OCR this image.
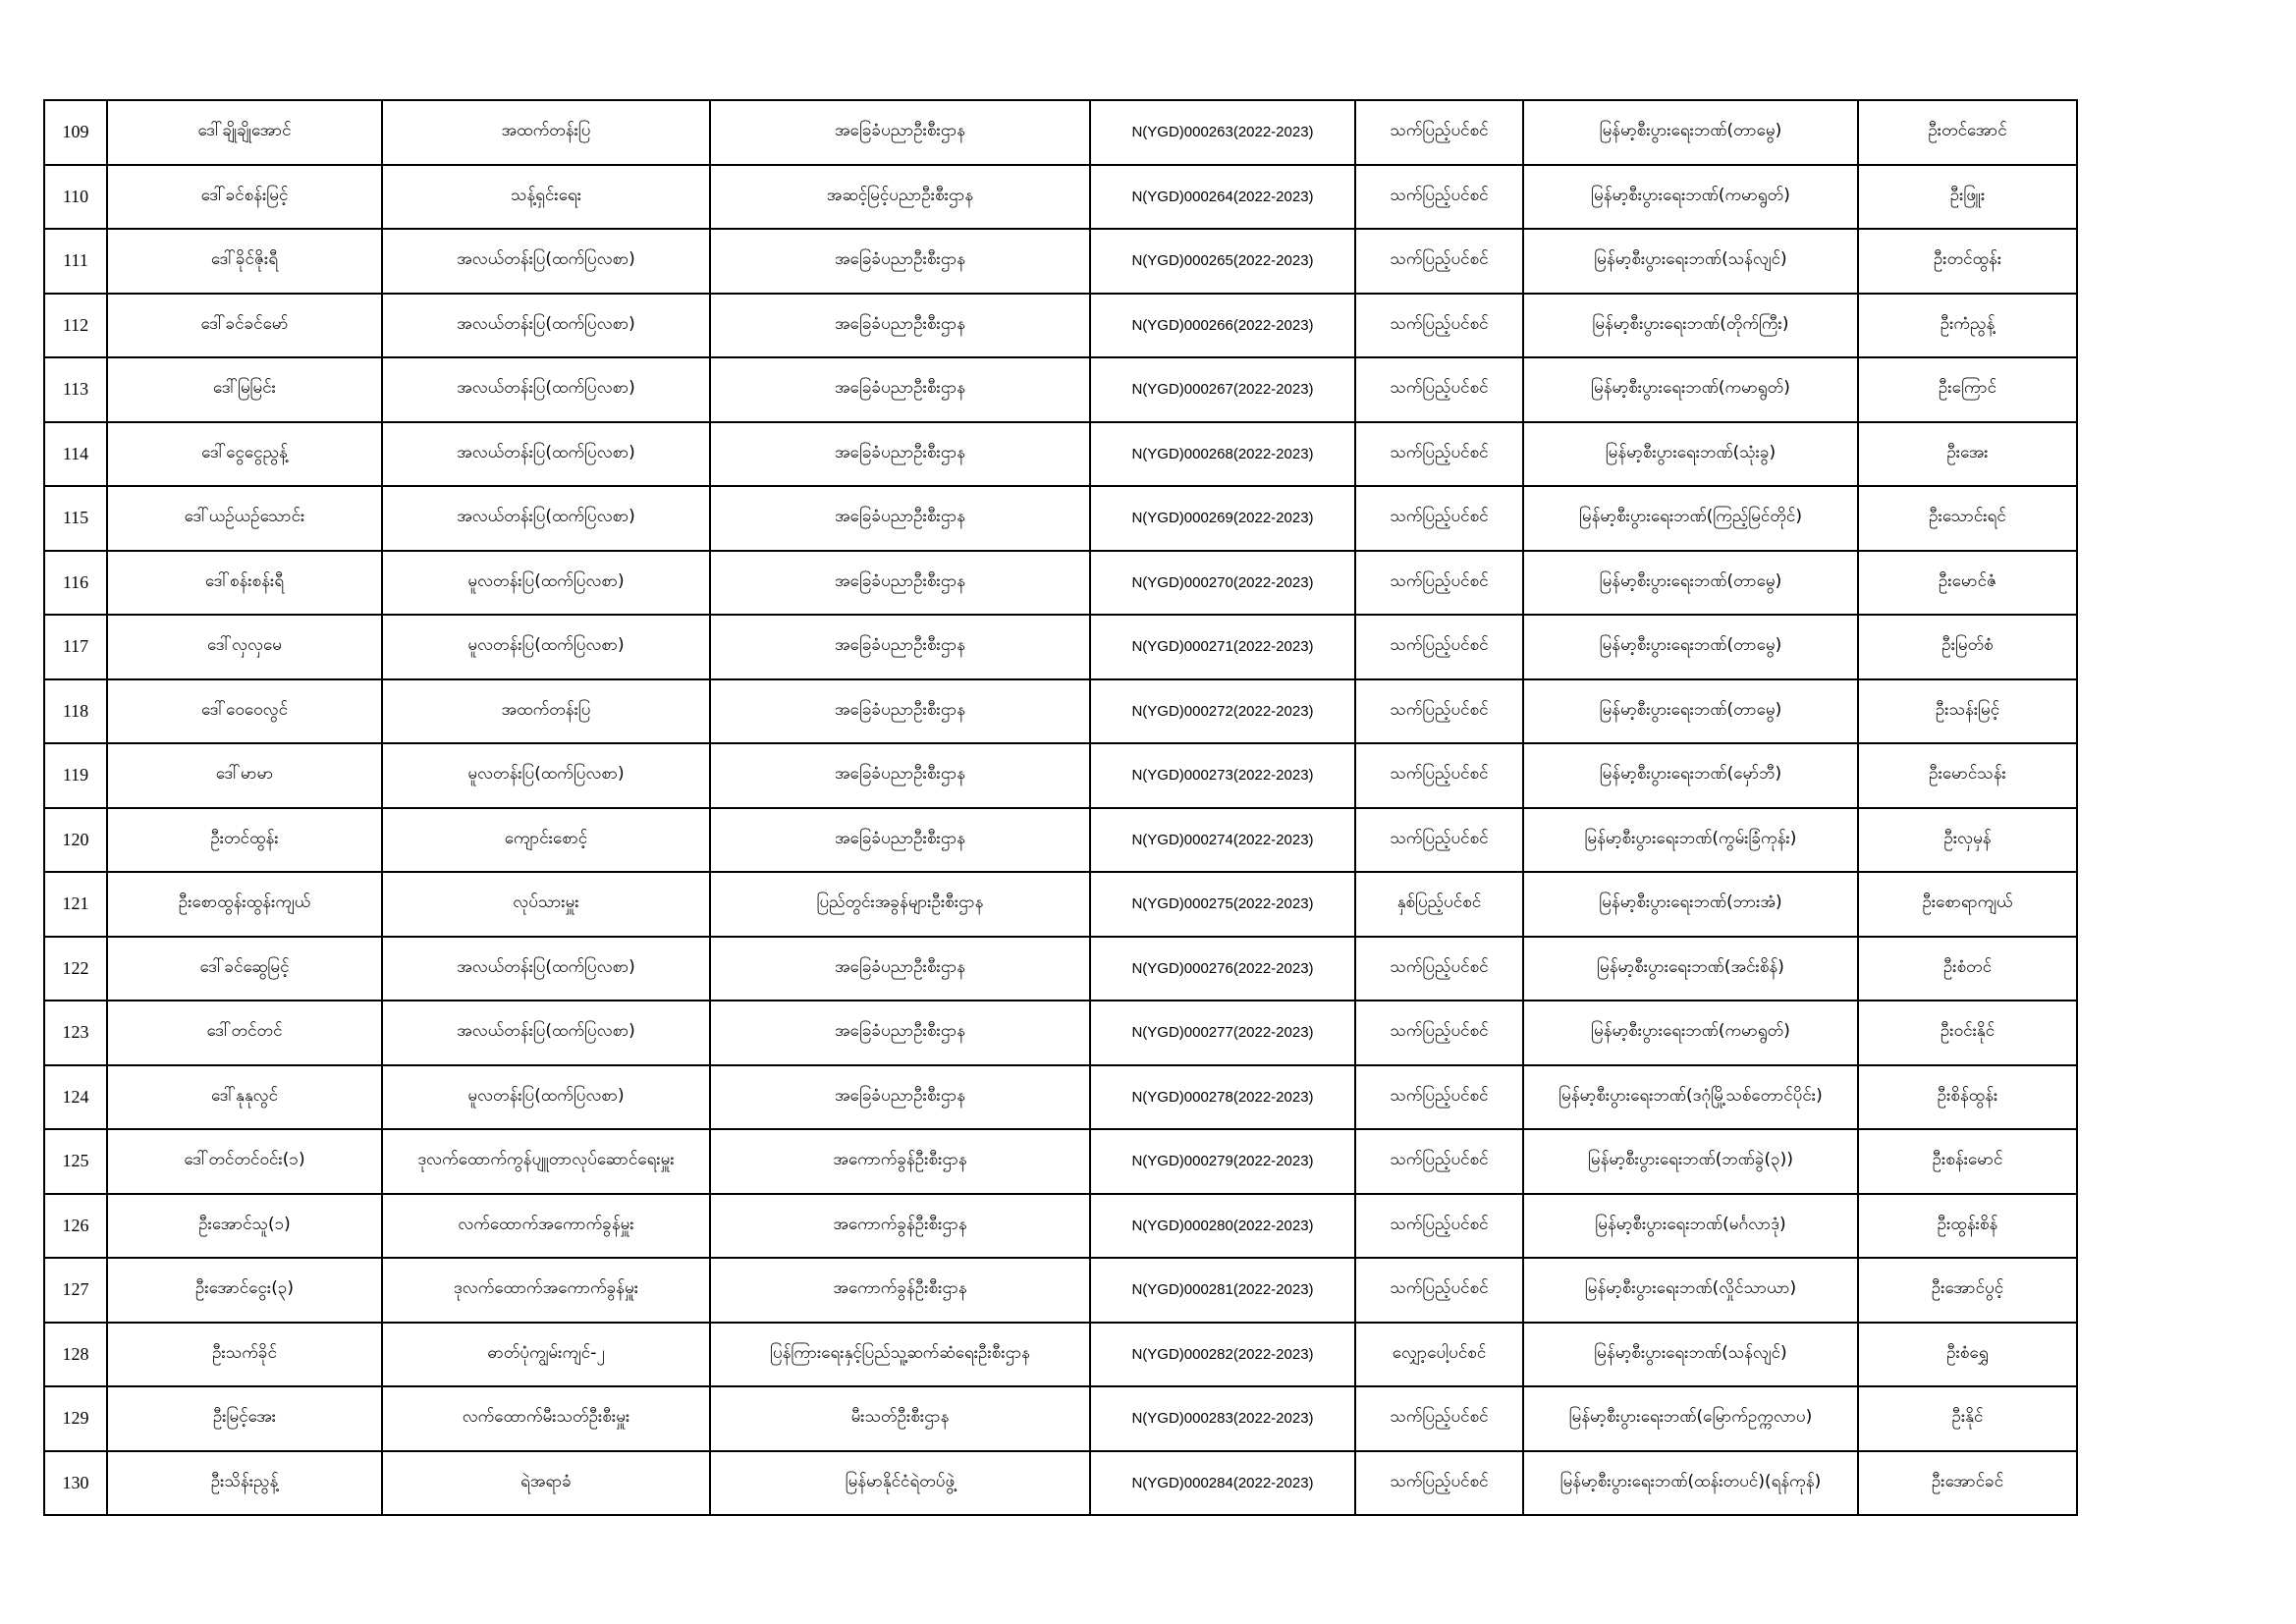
109	ဒေါ်ချိုချိုအောင်	အထက်တန်းပြ	အခြေခံပညာဦးစီးဌာန	N(YGD)000263(2022-2023)	သက်ပြည့်ပင်စင်	မြန်မာ့စီးပွားရေးဘဏ်(တာမွေ)	ဦးတင်အောင်
110	ဒေါ်ခင်စန်းမြင့်	သန့်ရှင်းရေး	အဆင့်မြင့်ပညာဦးစီးဌာန	N(YGD)000264(2022-2023)	သက်ပြည့်ပင်စင်	မြန်မာ့စီးပွားရေးဘဏ်(ကမာရွတ်)	ဦးဖြူး
111	ဒေါ်ခိုင်ဇိုးရီ	အလယ်တန်းပြ(ထက်ပြလစာ)	အခြေခံပညာဦးစီးဌာန	N(YGD)000265(2022-2023)	သက်ပြည့်ပင်စင်	မြန်မာ့စီးပွားရေးဘဏ်(သန်လျင်)	ဦးတင်ထွန်း
112	ဒေါ်ခင်ခင်မော်	အလယ်တန်းပြ(ထက်ပြလစာ)	အခြေခံပညာဦးစီးဌာန	N(YGD)000266(2022-2023)	သက်ပြည့်ပင်စင်	မြန်မာ့စီးပွားရေးဘဏ်(တိုက်ကြီး)	ဦးကံညွန့်
113	ဒေါ်မြမြင်း	အလယ်တန်းပြ(ထက်ပြလစာ)	အခြေခံပညာဦးစီးဌာန	N(YGD)000267(2022-2023)	သက်ပြည့်ပင်စင်	မြန်မာ့စီးပွားရေးဘဏ်(ကမာရွတ်)	ဦးကြောင်
114	ဒေါ်ငွေငွေညွန့်	အလယ်တန်းပြ(ထက်ပြလစာ)	အခြေခံပညာဦးစီးဌာန	N(YGD)000268(2022-2023)	သက်ပြည့်ပင်စင်	မြန်မာ့စီးပွားရေးဘဏ်(သုံးခွ)	ဦးအေး
115	ဒေါ်ယဉ်ယဉ်သောင်း	အလယ်တန်းပြ(ထက်ပြလစာ)	အခြေခံပညာဦးစီးဌာန	N(YGD)000269(2022-2023)	သက်ပြည့်ပင်စင်	မြန်မာ့စီးပွားရေးဘဏ်(ကြည့်မြင်တိုင်)	ဦးသောင်းရင်
116	ဒေါ်စန်းစန်းရီ	မူလတန်းပြ(ထက်ပြလစာ)	အခြေခံပညာဦးစီးဌာန	N(YGD)000270(2022-2023)	သက်ပြည့်ပင်စင်	မြန်မာ့စီးပွားရေးဘဏ်(တာမွေ)	ဦးမောင်ဇံ
117	ဒေါ်လှလှမေ	မူလတန်းပြ(ထက်ပြလစာ)	အခြေခံပညာဦးစီးဌာန	N(YGD)000271(2022-2023)	သက်ပြည့်ပင်စင်	မြန်မာ့စီးပွားရေးဘဏ်(တာမွေ)	ဦးမြတ်စံ
118	ဒေါ်ဝေဝေလွင်	အထက်တန်းပြ	အခြေခံပညာဦးစီးဌာန	N(YGD)000272(2022-2023)	သက်ပြည့်ပင်စင်	မြန်မာ့စီးပွားရေးဘဏ်(တာမွေ)	ဦးသန်းမြင့်
119	ဒေါ်မာမာ	မူလတန်းပြ(ထက်ပြလစာ)	အခြေခံပညာဦးစီးဌာန	N(YGD)000273(2022-2023)	သက်ပြည့်ပင်စင်	မြန်မာ့စီးပွားရေးဘဏ်(မှော်ဘီ)	ဦးမောင်သန်း
120	ဦးတင်ထွန်း	ကျောင်းစောင့်	အခြေခံပညာဦးစီးဌာန	N(YGD)000274(2022-2023)	သက်ပြည့်ပင်စင်	မြန်မာ့စီးပွားရေးဘဏ်(ကွမ်းခြံကုန်း)	ဦးလှမှန်
121	ဦးစောထွန်းထွန်းကျယ်	လုပ်သားမှူး	ပြည်တွင်းအခွန်များဦးစီးဌာန	N(YGD)000275(2022-2023)	နှစ်ပြည့်ပင်စင်	မြန်မာ့စီးပွားရေးဘဏ်(ဘားအံ)	ဦးစောရာကျယ်
122	ဒေါ်ခင်ဆွေမြင့်	အလယ်တန်းပြ(ထက်ပြလစာ)	အခြေခံပညာဦးစီးဌာန	N(YGD)000276(2022-2023)	သက်ပြည့်ပင်စင်	မြန်မာ့စီးပွားရေးဘဏ်(အင်းစိန်)	ဦးစံတင်
123	ဒေါ်တင်တင်	အလယ်တန်းပြ(ထက်ပြလစာ)	အခြေခံပညာဦးစီးဌာန	N(YGD)000277(2022-2023)	သက်ပြည့်ပင်စင်	မြန်မာ့စီးပွားရေးဘဏ်(ကမာရွတ်)	ဦးဝင်းနိုင်
124	ဒေါ်နုနုလွင်	မူလတန်းပြ(ထက်ပြလစာ)	အခြေခံပညာဦးစီးဌာန	N(YGD)000278(2022-2023)	သက်ပြည့်ပင်စင်	မြန်မာ့စီးပွားရေးဘဏ်(ဒဂုံမြို့သစ်တောင်ပိုင်း)	ဦးစိန်ထွန်း
125	ဒေါ်တင်တင်ဝင်း(၁)	ဒုလက်ထောက်ကွန်ပျူတာလုပ်ဆောင်ရေးမှူး	အကောက်ခွန်ဦးစီးဌာန	N(YGD)000279(2022-2023)	သက်ပြည့်ပင်စင်	မြန်မာ့စီးပွားရေးဘဏ်(ဘဏ်ခွဲ(၃))	ဦးစန်းမောင်
126	ဦးအောင်သူ(၁)	လက်ထောက်အကောက်ခွန်မှူး	အကောက်ခွန်ဦးစီးဌာန	N(YGD)000280(2022-2023)	သက်ပြည့်ပင်စင်	မြန်မာ့စီးပွားရေးဘဏ်(မင်္ဂလာဒုံ)	ဦးထွန်းစိန်
127	ဦးအောင်ငွေး(၃)	ဒုလက်ထောက်အကောက်ခွန်မှူး	အကောက်ခွန်ဦးစီးဌာန	N(YGD)000281(2022-2023)	သက်ပြည့်ပင်စင်	မြန်မာ့စီးပွားရေးဘဏ်(လှိုင်သာယာ)	ဦးအောင်ပွင့်
128	ဦးသက်ခိုင်	ဓာတ်ပုံကျွမ်းကျင်-၂	ပြန်ကြားရေးနှင့်ပြည်သူ့ဆက်ဆံရေးဦးစီးဌာန	N(YGD)000282(2022-2023)	လျှော့ပေါ့ပင်စင်	မြန်မာ့စီးပွားရေးဘဏ်(သန်လျင်)	ဦးစံရွှေ
129	ဦးမြင့်အေး	လက်ထောက်မီးသတ်ဦးစီးမှူး	မီးသတ်ဦးစီးဌာန	N(YGD)000283(2022-2023)	သက်ပြည့်ပင်စင်	မြန်မာ့စီးပွားရေးဘဏ်(မြောက်ဥက္ကလာပ)	ဦးနိုင်
130	ဦးသိန်းညွန့်	ရဲအရာခံ	မြန်မာနိုင်ငံရဲတပ်ဖွဲ့	N(YGD)000284(2022-2023)	သက်ပြည့်ပင်စင်	မြန်မာ့စီးပွားရေးဘဏ်(ထန်းတပင်)(ရန်ကုန်)	ဦးအောင်ခင်
